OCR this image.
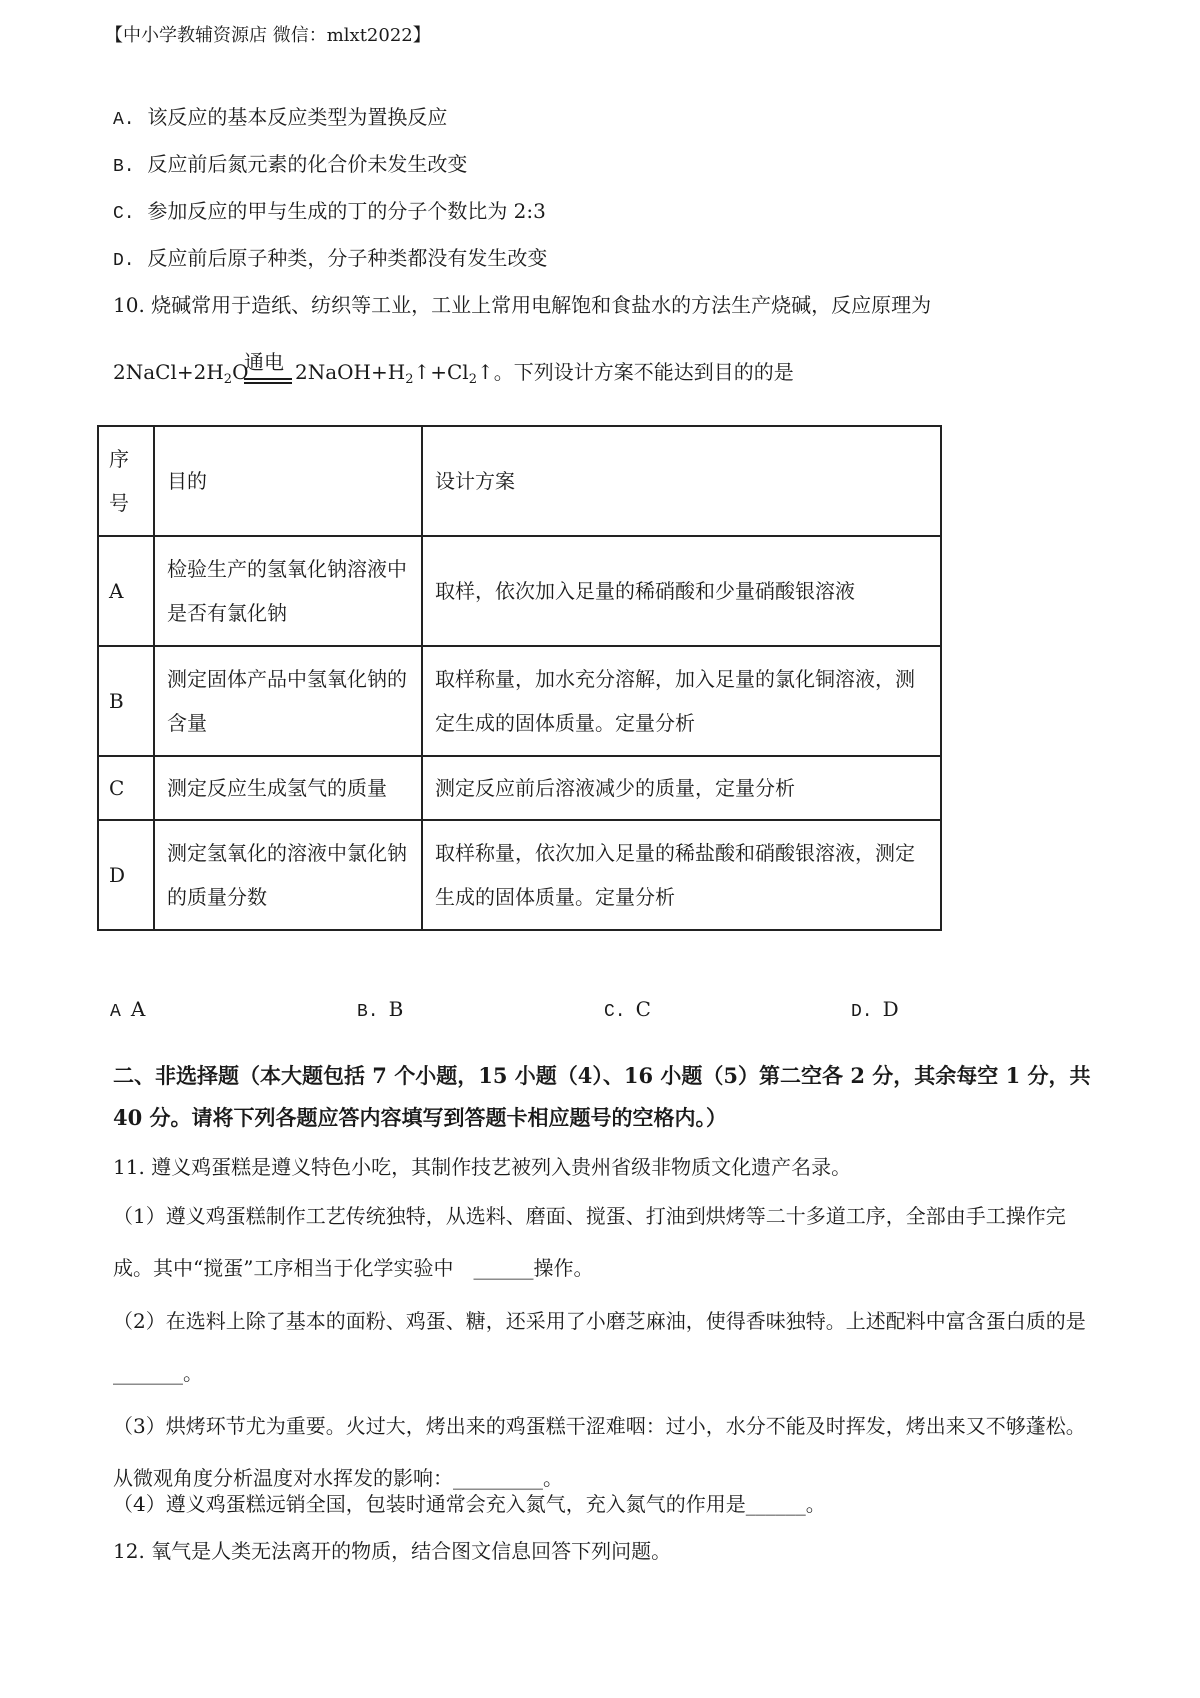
【中小学教辅资源店 微信：mlxt2022】
A. 该反应的基本反应类型为置换反应
B. 反应前后氮元素的化合价未发生改变
C. 参加反应的甲与生成的丁的分子个数比为 2:3
D. 反应前后原子种类，分子种类都没有发生改变
10. 烧碱常用于造纸、纺织等工业，工业上常用电解饱和食盐水的方法生产烧碱，反应原理为
$2NaCl+2H_2O$
通电 $2NaOH+H_2↑+Cl_2↑$。下列设计方案不能达到目的的是
序
号	目的	设计方案
A	检验生产的氢氧化钠溶液中是否有氯化钠	取样，依次加入足量的稀硝酸和少量硝酸银溶液
B	测定固体产品中氢氧化钠的含量	取样称量，加水充分溶解，加入足量的氯化铜溶液，测定生成的固体质量。定量分析
C	测定反应生成氢气的质量	测定反应前后溶液减少的质量，定量分析
D	测定氢氧化的溶液中氯化钠的质量分数	取样称量，依次加入足量的稀盐酸和硝酸银溶液，测定生成的固体质量。定量分析
A A	B. B	C. C	D. D
二、非选择题（本大题包括 7 个小题，15 小题（4）、16 小题（5）第二空各 2 分，其余每空 1 分，共 40 分。请将下列各题应答内容填写到答题卡相应题号的空格内。）
11. 遵义鸡蛋糕是遵义特色小吃，其制作技艺被列入贵州省级非物质文化遗产名录。
（1）遵义鸡蛋糕制作工艺传统独特，从选料、磨面、搅蛋、打油到烘烤等二十多道工序，全部由手工操作完成。其中“搅蛋”工序相当于化学实验中　______操作。
（2）在选料上除了基本的面粉、鸡蛋、糖，还采用了小磨芝麻油，使得香味独特。上述配料中富含蛋白质的是_______。
（3）烘烤环节尤为重要。火过大，烤出来的鸡蛋糕干涩难咽：过小，水分不能及时挥发，烤出来又不够蓬松。从微观角度分析温度对水挥发的影响：_________。
（4）遵义鸡蛋糕远销全国，包装时通常会充入氮气，充入氮气的作用是______。
12. 氧气是人类无法离开的物质，结合图文信息回答下列问题。
